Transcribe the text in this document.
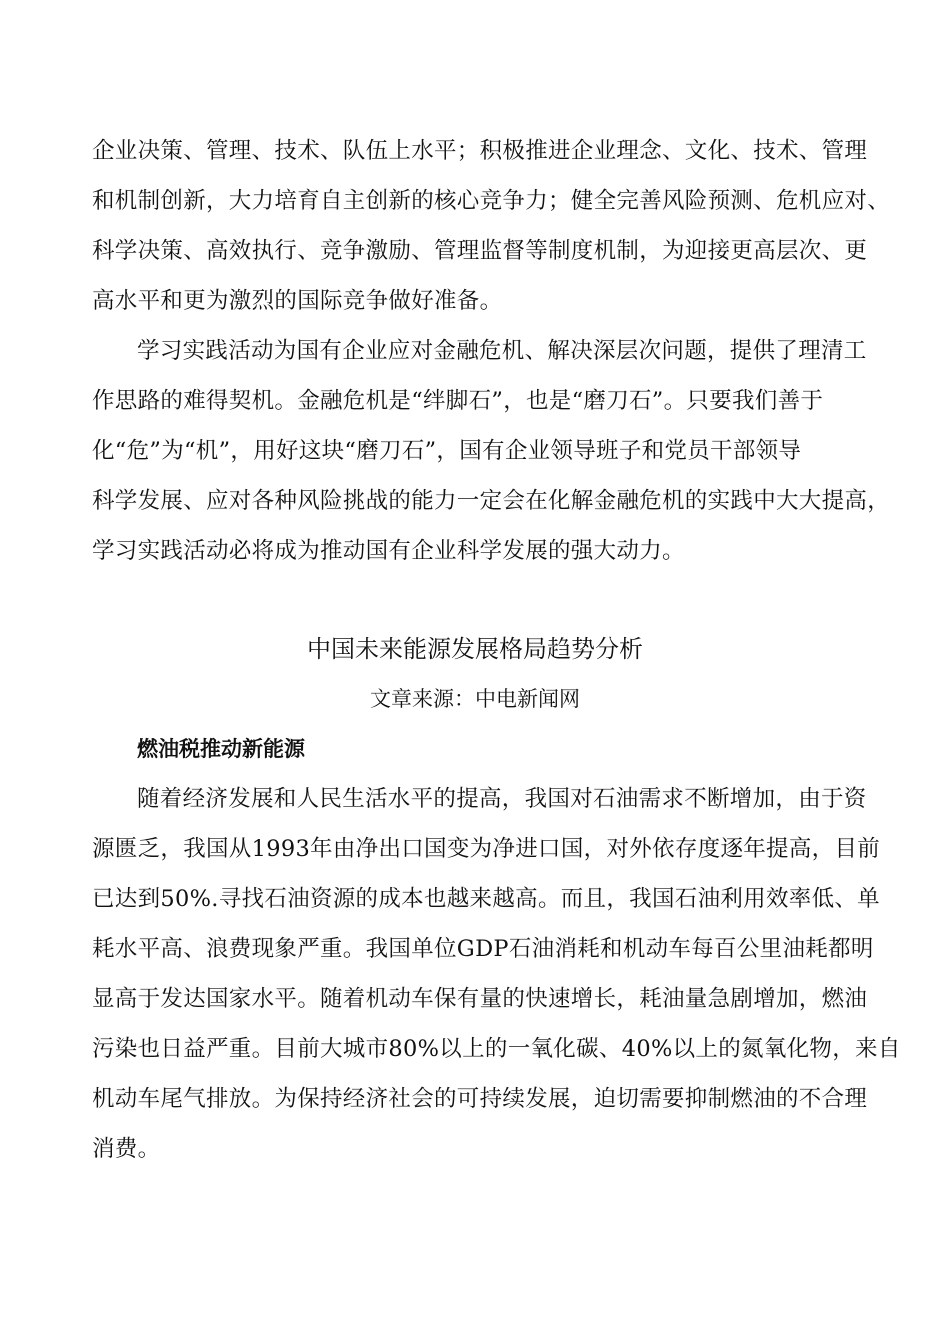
企业决策、管理、技术、队伍上水平；积极推进企业理念、文化、技术、管理
和机制创新，大力培育自主创新的核心竞争力；健全完善风险预测、危机应对、
科学决策、高效执行、竞争激励、管理监督等制度机制，为迎接更高层次、更
高水平和更为激烈的国际竞争做好准备。
学习实践活动为国有企业应对金融危机、解决深层次问题，提供了理清工
作思路的难得契机。金融危机是“绊脚石”，也是“磨刀石”。只要我们善于
化“危”为“机”，用好这块“磨刀石”，国有企业领导班子和党员干部领导
科学发展、应对各种风险挑战的能力一定会在化解金融危机的实践中大大提高，
学习实践活动必将成为推动国有企业科学发展的强大动力。
中国未来能源发展格局趋势分析
文章来源：中电新闻网
燃油税推动新能源
随着经济发展和人民生活水平的提高，我国对石油需求不断增加，由于资
源匮乏，我国从1993年由净出口国变为净进口国，对外依存度逐年提高，目前
已达到50%.寻找石油资源的成本也越来越高。而且，我国石油利用效率低、单
耗水平高、浪费现象严重。我国单位GDP石油消耗和机动车每百公里油耗都明
显高于发达国家水平。随着机动车保有量的快速增长，耗油量急剧增加，燃油
污染也日益严重。目前大城市80%以上的一氧化碳、40%以上的氮氧化物，来自
机动车尾气排放。为保持经济社会的可持续发展，迫切需要抑制燃油的不合理
消费。
